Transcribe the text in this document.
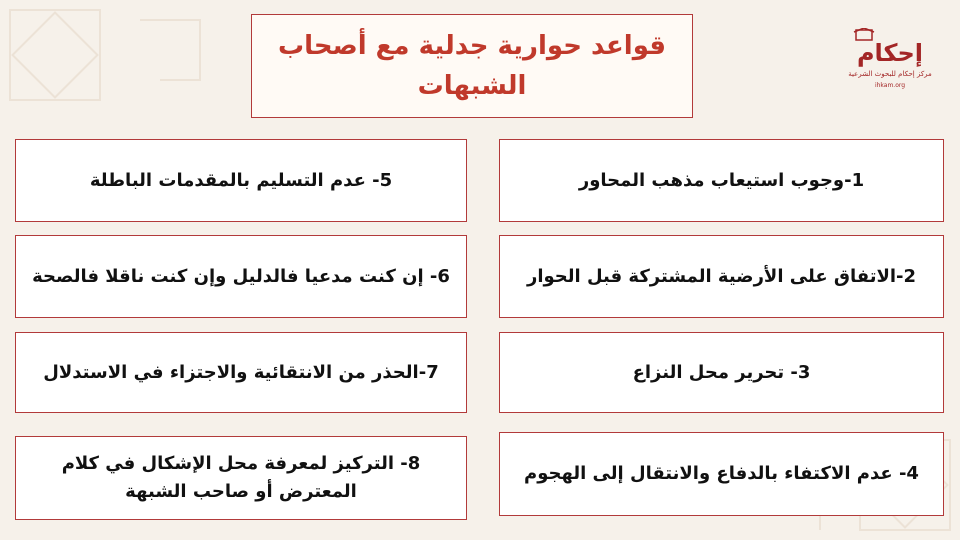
قواعد حوارية جدلية مع أصحاب الشبهات
إحكام
مركز إحكام للبحوث الشرعية
ihkam.org
1-وجوب استيعاب مذهب المحاور
2-الاتفاق على الأرضية المشتركة قبل الحوار
3- تحرير محل النزاع
4- عدم الاكتفاء بالدفاع والانتقال إلى الهجوم
5- عدم التسليم بالمقدمات الباطلة
6- إن كنت مدعيا فالدليل وإن كنت ناقلا فالصحة
7-الحذر من الانتقائية والاجتزاء في الاستدلال
8- التركيز لمعرفة محل الإشكال في كلام المعترض أو صاحب الشبهة
